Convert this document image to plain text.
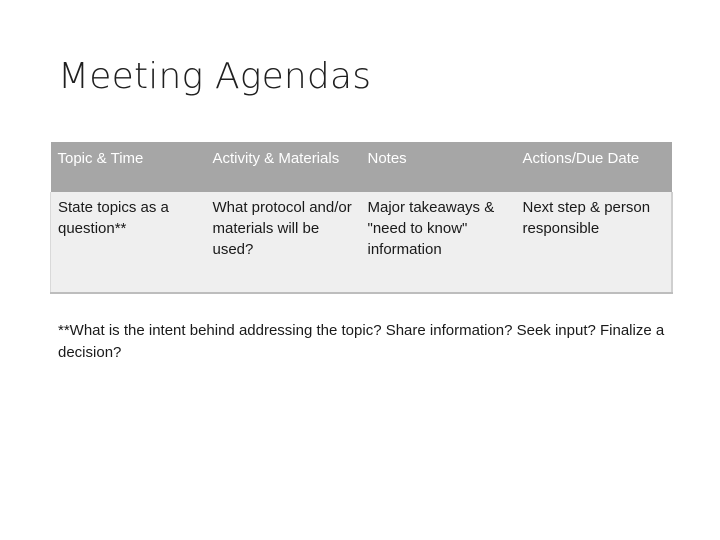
Meeting Agendas
Topic & Time	Activity & Materials	Notes	Actions/Due Date
State topics as a question**	What protocol and/or materials will be used?	Major takeaways & "need to know" information	Next step & person responsible
**What is the intent behind addressing the topic? Share information? Seek input? Finalize a decision?
